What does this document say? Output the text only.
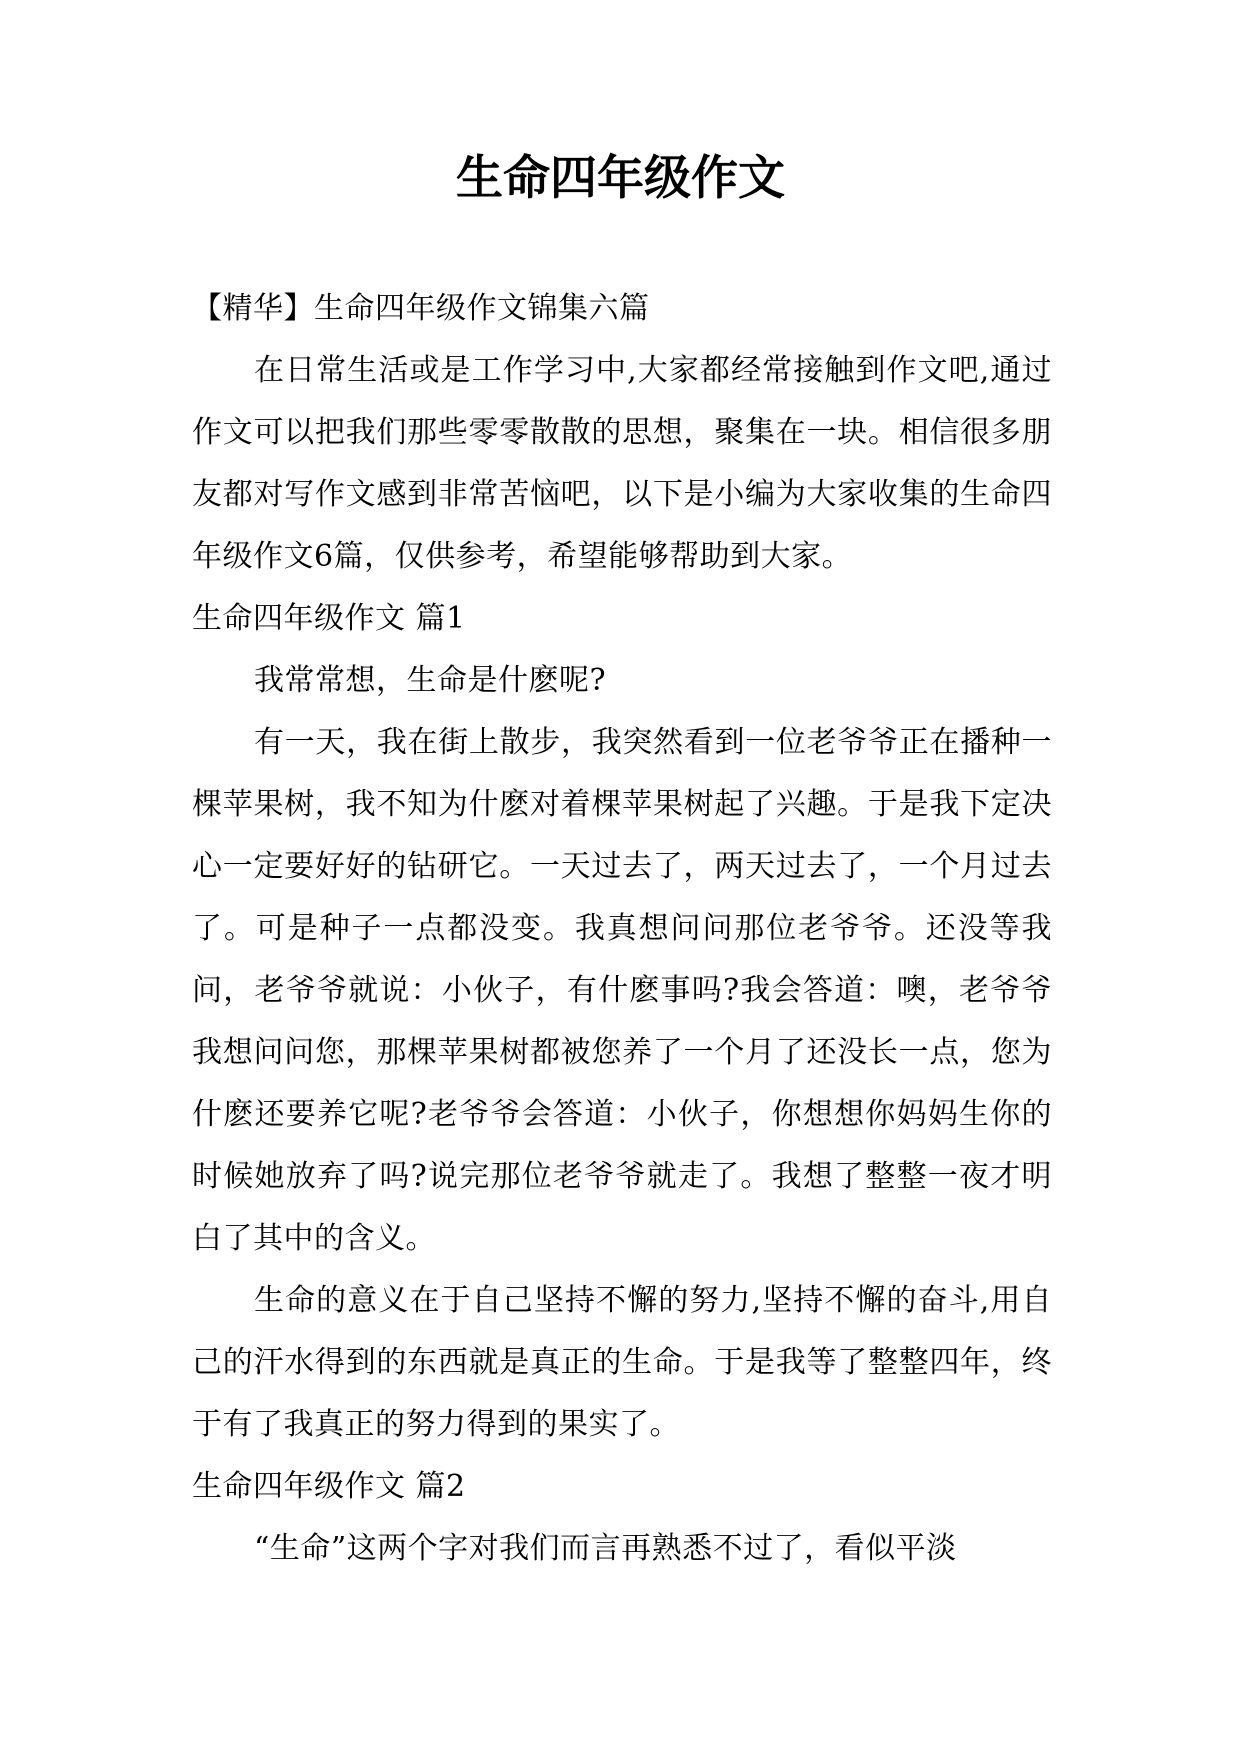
生命四年级作文

【精华】生命四年级作文锦集六篇

在日常生活或是工作学习中,大家都经常接触到作文吧,通过作文可以把我们那些零零散散的思想，聚集在一块。相信很多朋友都对写作文感到非常苦恼吧，以下是小编为大家收集的生命四年级作文6篇，仅供参考，希望能够帮助到大家。

生命四年级作文 篇1

我常常想，生命是什麽呢?

有一天，我在街上散步，我突然看到一位老爷爷正在播种一棵苹果树，我不知为什麽对着棵苹果树起了兴趣。于是我下定决心一定要好好的钻研它。一天过去了，两天过去了，一个月过去了。可是种子一点都没变。我真想问问那位老爷爷。还没等我问，老爷爷就说：小伙子，有什麽事吗?我会答道：噢，老爷爷我想问问您，那棵苹果树都被您养了一个月了还没长一点，您为什麽还要养它呢?老爷爷会答道：小伙子，你想想你妈妈生你的时候她放弃了吗?说完那位老爷爷就走了。我想了整整一夜才明白了其中的含义。

生命的意义在于自己坚持不懈的努力,坚持不懈的奋斗,用自己的汗水得到的东西就是真正的生命。于是我等了整整四年，终于有了我真正的努力得到的果实了。

生命四年级作文 篇2

“生命”这两个字对我们而言再熟悉不过了，看似平淡
